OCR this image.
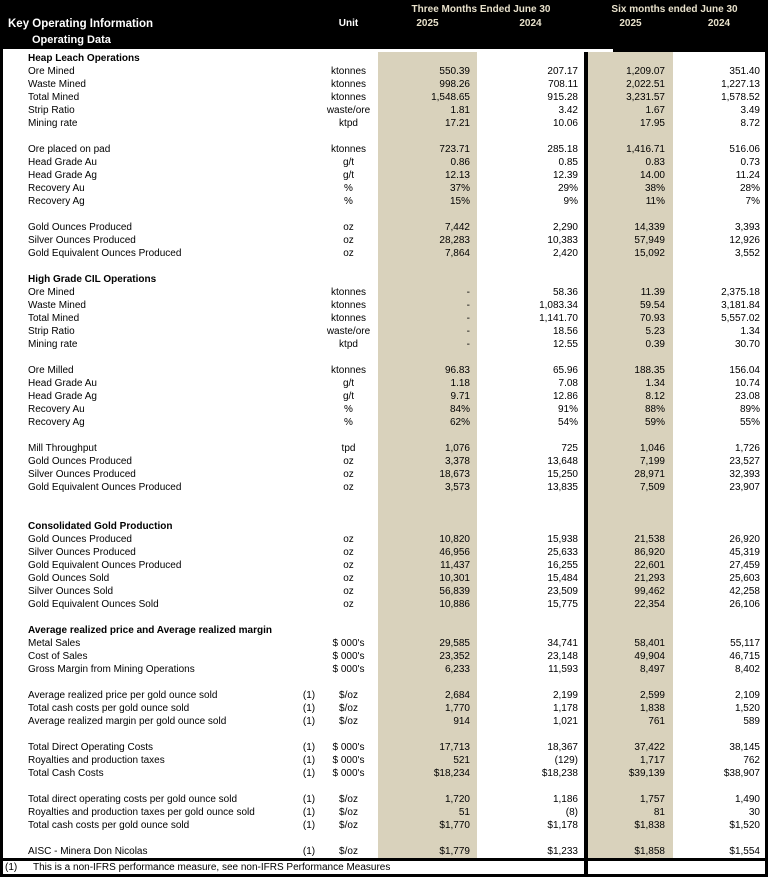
Three Months Ended June 30	Six months ended June 30
Key Operating Information	Unit	2025	2024	2025	2024
Operating Data
Heap Leach Operations
Ore Mined	ktonnes	550.39	207.17	1,209.07	351.40
Waste Mined	ktonnes	998.26	708.11	2,022.51	1,227.13
Total Mined	ktonnes	1,548.65	915.28	3,231.57	1,578.52
Strip Ratio	waste/ore	1.81	3.42	1.67	3.49
Mining rate	ktpd	17.21	10.06	17.95	8.72
Ore placed on pad	ktonnes	723.71	285.18	1,416.71	516.06
Head Grade Au	g/t	0.86	0.85	0.83	0.73
Head Grade Ag	g/t	12.13	12.39	14.00	11.24
Recovery Au	%	37%	29%	38%	28%
Recovery Ag	%	15%	9%	11%	7%
Gold Ounces Produced	oz	7,442	2,290	14,339	3,393
Silver Ounces Produced	oz	28,283	10,383	57,949	12,926
Gold Equivalent Ounces Produced	oz	7,864	2,420	15,092	3,552
High Grade CIL Operations
Ore Mined	ktonnes	-	58.36	11.39	2,375.18
Waste Mined	ktonnes	-	1,083.34	59.54	3,181.84
Total Mined	ktonnes	-	1,141.70	70.93	5,557.02
Strip Ratio	waste/ore	-	18.56	5.23	1.34
Mining rate	ktpd	-	12.55	0.39	30.70
Ore Milled	ktonnes	96.83	65.96	188.35	156.04
Head Grade Au	g/t	1.18	7.08	1.34	10.74
Head Grade Ag	g/t	9.71	12.86	8.12	23.08
Recovery Au	%	84%	91%	88%	89%
Recovery Ag	%	62%	54%	59%	55%
Mill Throughput	tpd	1,076	725	1,046	1,726
Gold Ounces Produced	oz	3,378	13,648	7,199	23,527
Silver Ounces Produced	oz	18,673	15,250	28,971	32,393
Gold Equivalent Ounces Produced	oz	3,573	13,835	7,509	23,907
Consolidated Gold Production
Gold Ounces Produced	oz	10,820	15,938	21,538	26,920
Silver Ounces Produced	oz	46,956	25,633	86,920	45,319
Gold Equivalent Ounces Produced	oz	11,437	16,255	22,601	27,459
Gold Ounces Sold	oz	10,301	15,484	21,293	25,603
Silver Ounces Sold	oz	56,839	23,509	99,462	42,258
Gold Equivalent Ounces Sold	oz	10,886	15,775	22,354	26,106
Average realized price and Average realized margin
Metal Sales	$ 000's	29,585	34,741	58,401	55,117
Cost of Sales	$ 000's	23,352	23,148	49,904	46,715
Gross Margin from Mining Operations	$ 000's	6,233	11,593	8,497	8,402
Average realized price per gold ounce sold	(1)	$/oz	2,684	2,199	2,599	2,109
Total cash costs per gold ounce sold	(1)	$/oz	1,770	1,178	1,838	1,520
Average realized margin per gold ounce sold	(1)	$/oz	914	1,021	761	589
Total Direct Operating Costs	(1)	$ 000's	17,713	18,367	37,422	38,145
Royalties and production taxes	(1)	$ 000's	521	(129)	1,717	762
Total Cash Costs	(1)	$ 000's	$18,234	$18,238	$39,139	$38,907
Total direct operating costs per gold ounce sold	(1)	$/oz	1,720	1,186	1,757	1,490
Royalties and production taxes per gold ounce sold	(1)	$/oz	51	(8)	81	30
Total cash costs per gold ounce sold	(1)	$/oz	$1,770	$1,178	$1,838	$1,520
AISC - Minera Don Nicolas	(1)	$/oz	$1,779	$1,233	$1,858	$1,554
(1) This is a non-IFRS performance measure, see non-IFRS Performance Measures
